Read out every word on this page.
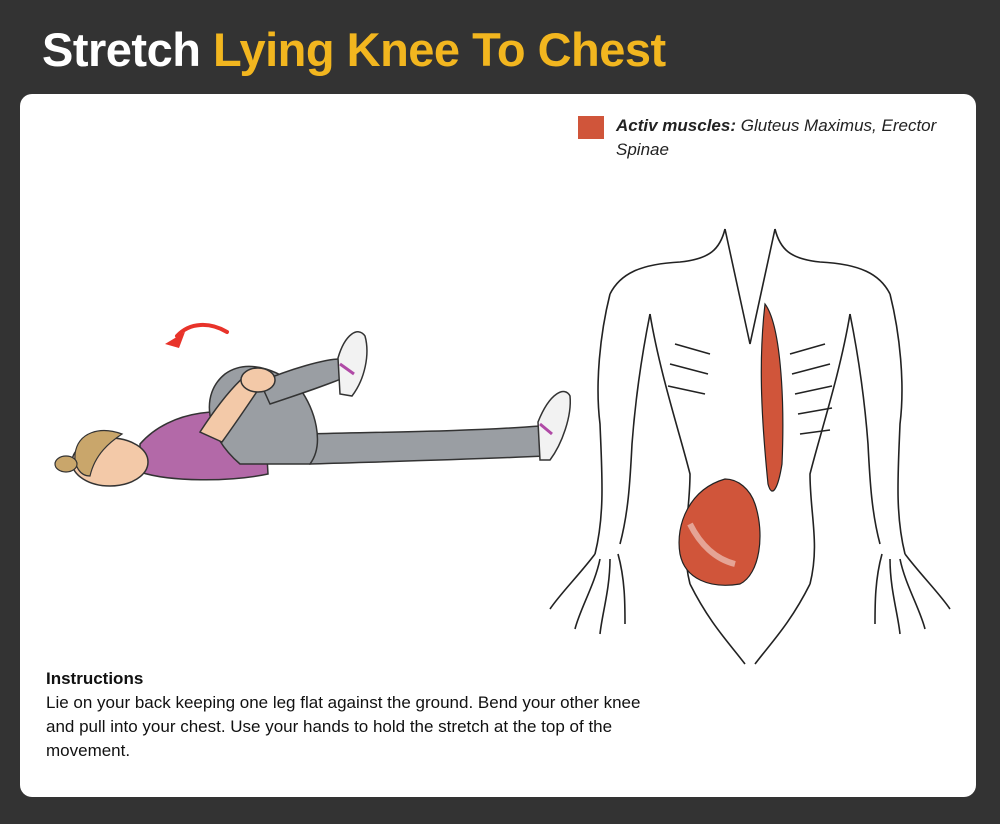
Stretch Lying Knee To Chest
Activ muscles: Gluteus Maximus, Erector Spinae
Instructions
Lie on your back keeping one leg flat against the ground. Bend your other knee and pull into your chest. Use your hands to hold the stretch at the top of the movement.
